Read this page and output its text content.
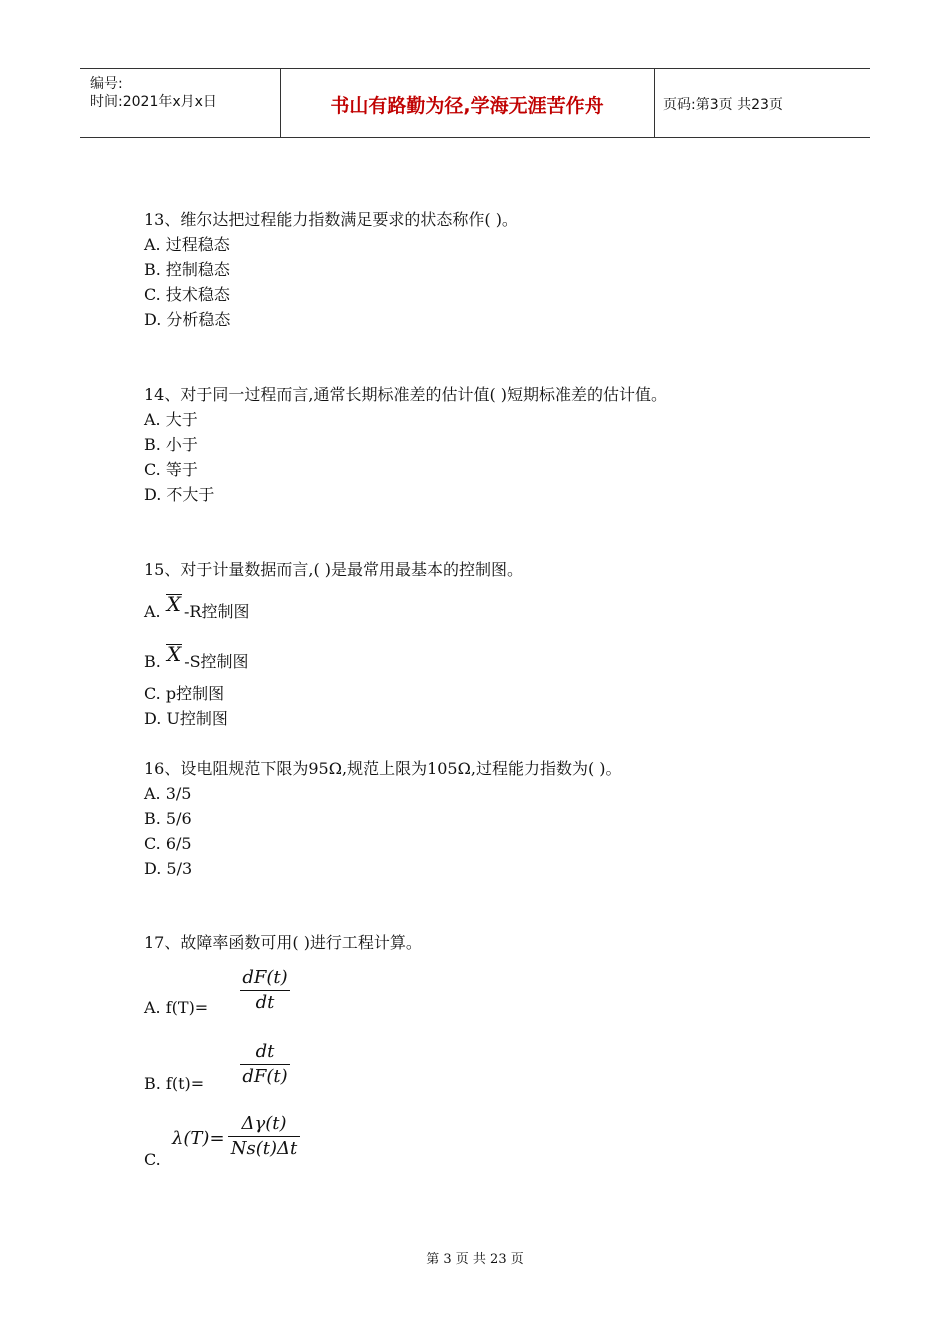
编号:
时间:2021年x月x日	书山有路勤为径,学海无涯苦作舟	页码:第3页 共23页
13、维尔达把过程能力指数满足要求的状态称作( )。
A. 过程稳态
B. 控制稳态
C. 技术稳态
D. 分析稳态
14、对于同一过程而言,通常长期标准差的估计值( )短期标准差的估计值。
A. 大于
B. 小于
C. 等于
D. 不大于
15、对于计量数据而言,( )是最常用最基本的控制图。
A. X -R控制图
B. X -S控制图
C. p控制图
D. U控制图
16、设电阻规范下限为95Ω,规范上限为105Ω,过程能力指数为( )。
A. 3/5
B. 5/6
C. 6/5
D. 5/3
17、故障率函数可用( )进行工程计算。
A. $f(T)= \frac{dF(t)}{dt}$
B. $f(t)= \frac{dt}{dF(t)}$
C.
$\lambda(T)= \frac{\Delta\gamma(t)}{Ns(t)\Delta t}$
第 3 页 共 23 页
